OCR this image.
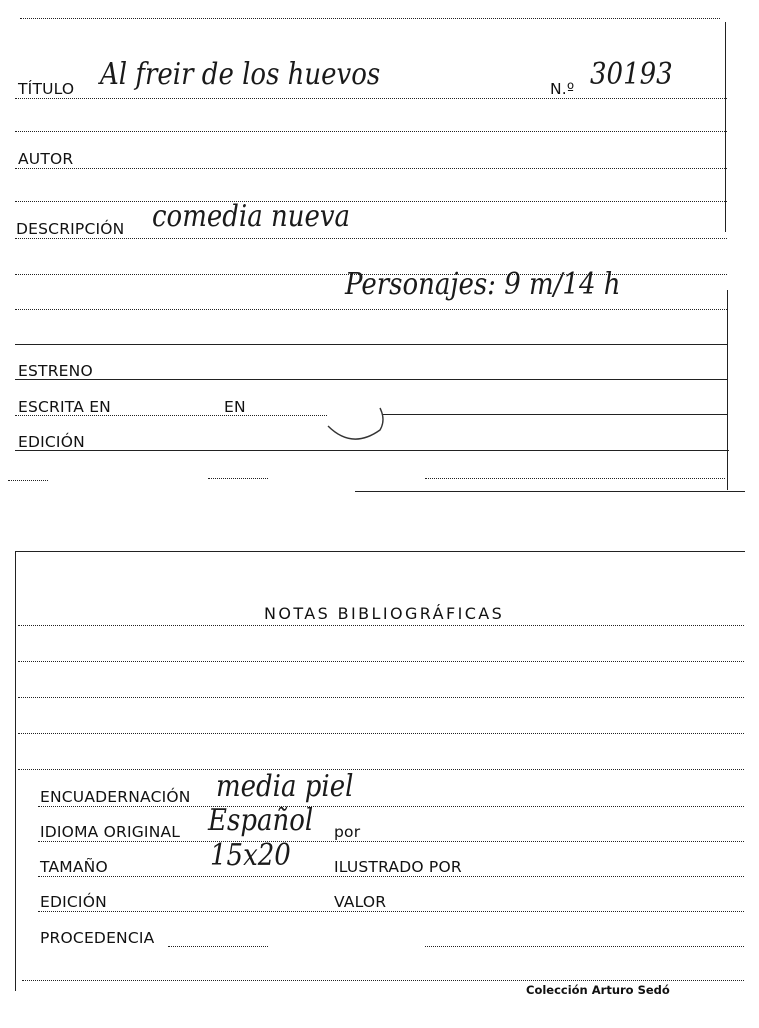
TÍTULO Al freir de los huevos	N.º 30193
AUTOR
DESCRIPCIÓN comedia nueva
Personajes: 9 m/14 h
ESTRENO
ESCRITA EN	EN
EDICIÓN
NOTAS BIBLIOGRÁFICAS
ENCUADERNACIÓN media piel
IDIOMA ORIGINAL Español por
TAMAÑO	15x20	ILUSTRADO POR
EDICIÓN	VALOR
PROCEDENCIA
Colección Arturo Sedó
